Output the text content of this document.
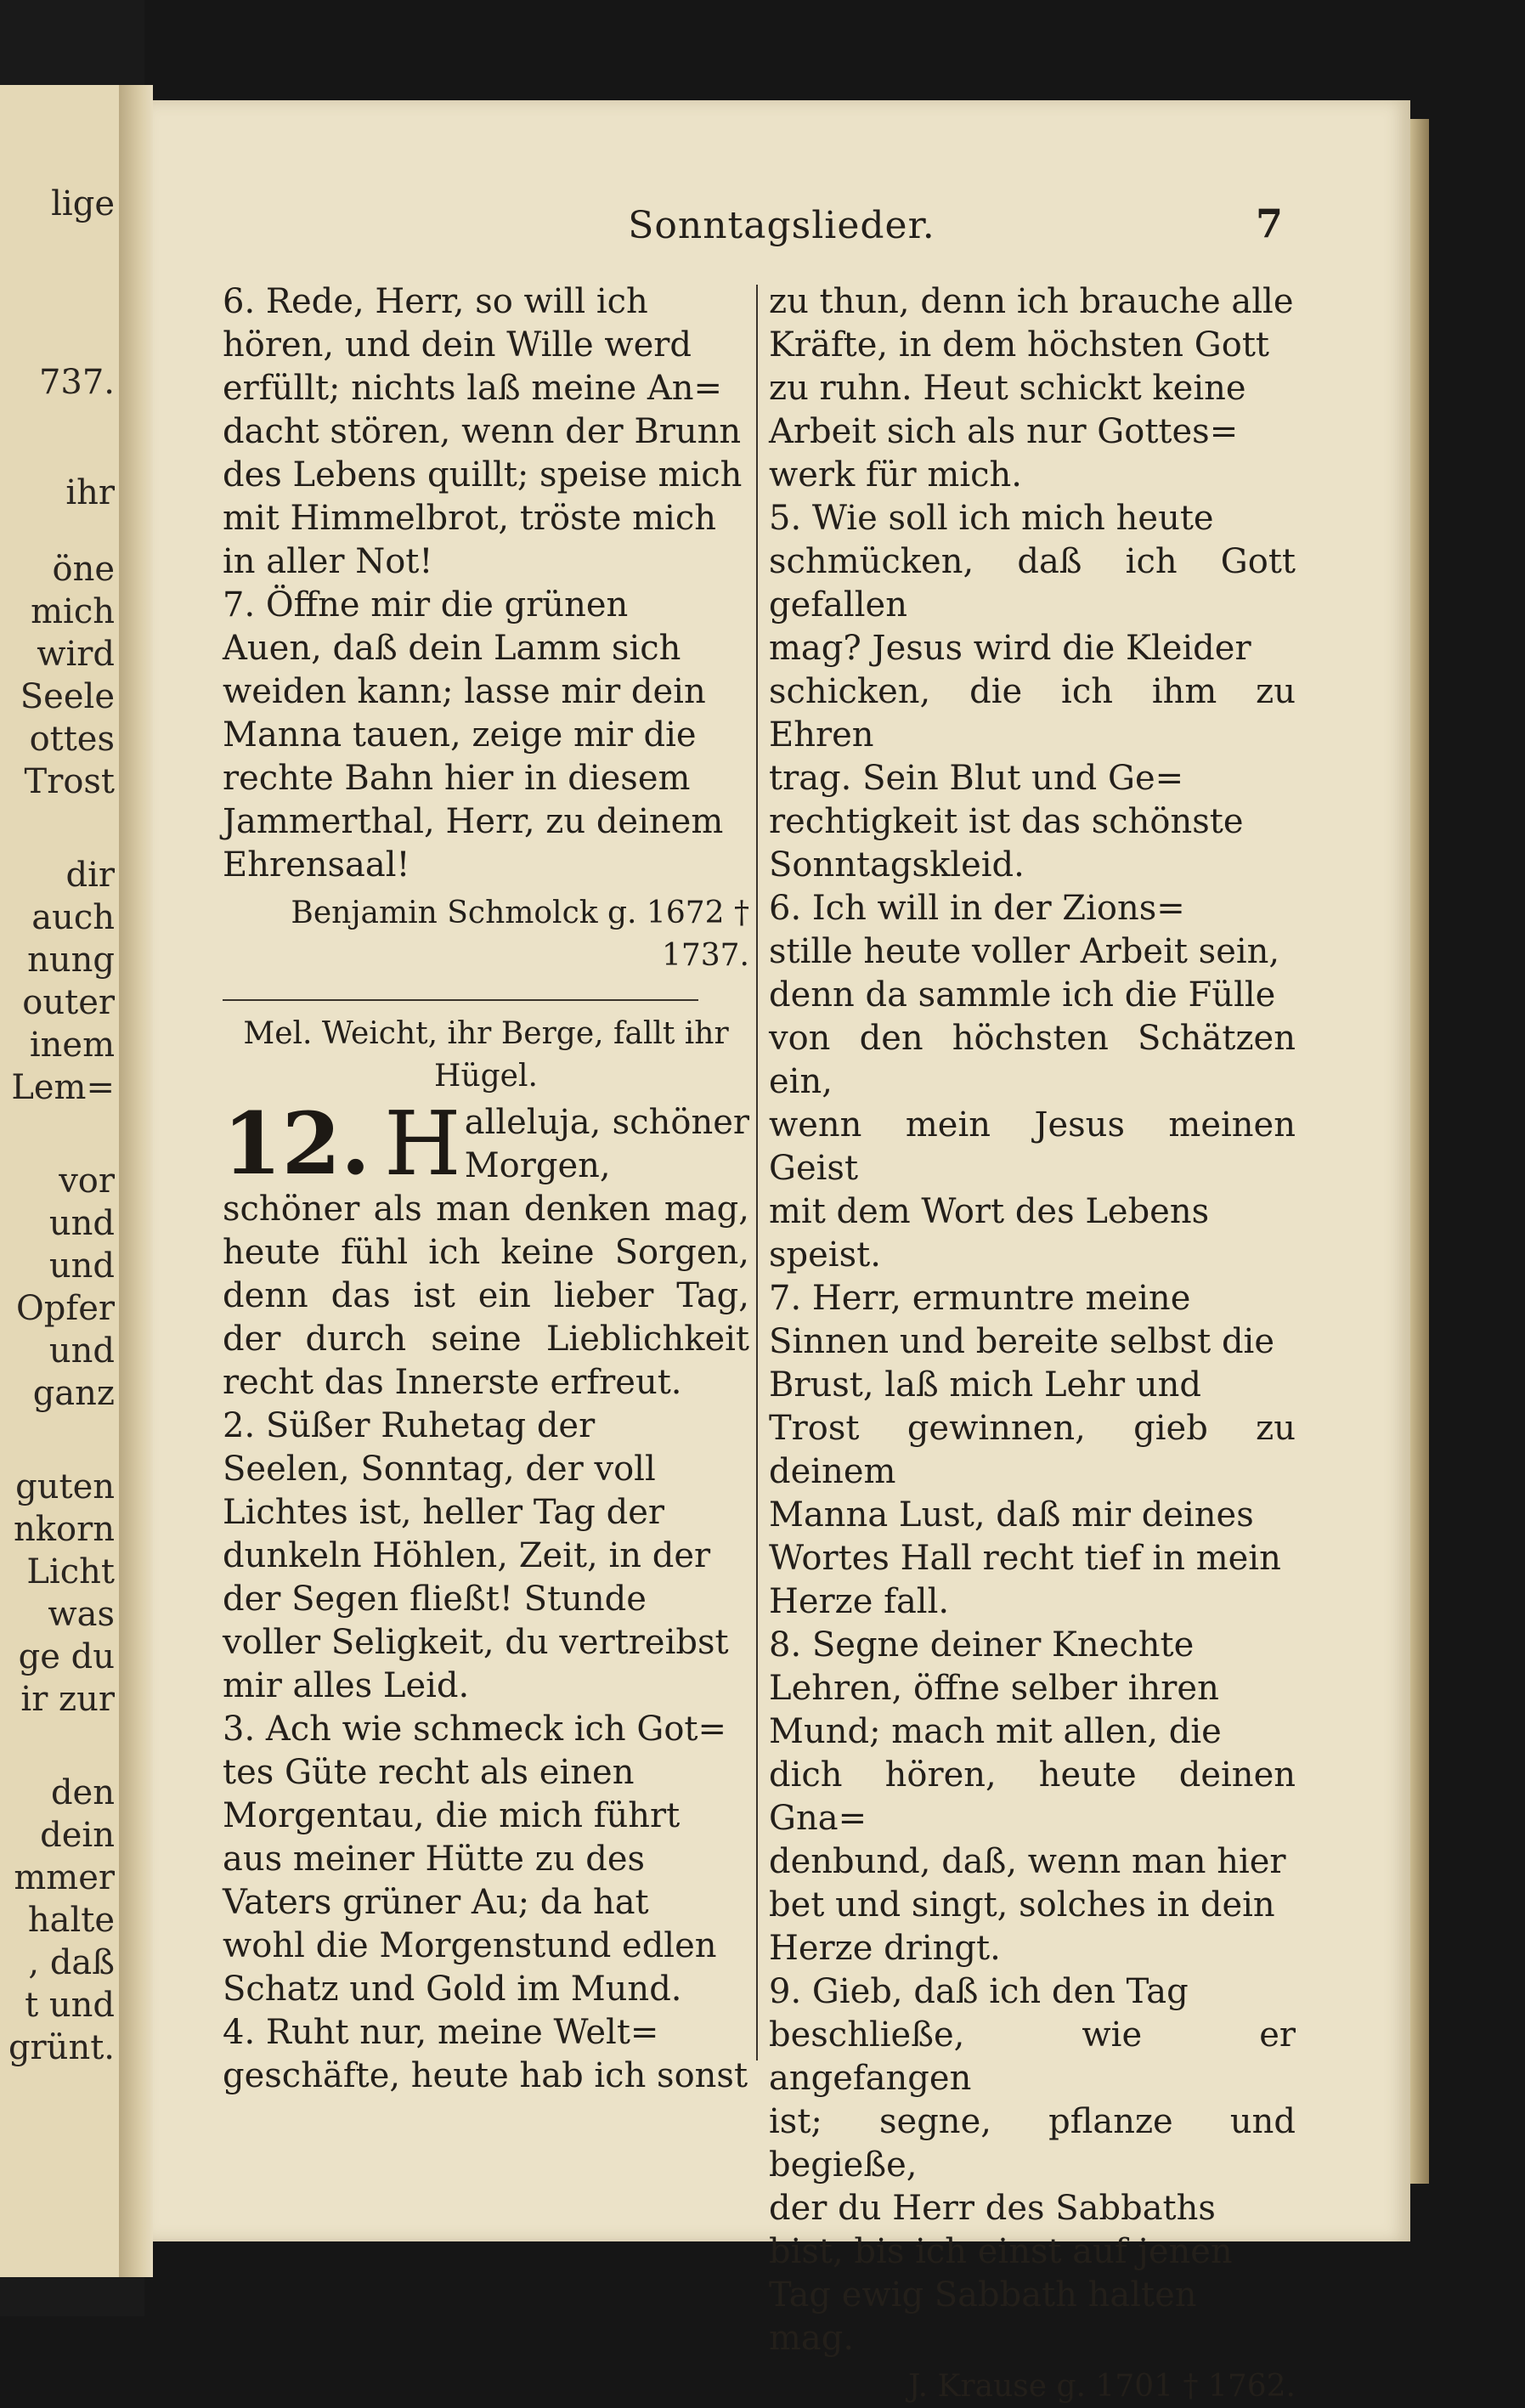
lige
737.
ihr
öne
mich
wird
Seele
ottes
Trost
dir
auch
nung
outer
inem
Lem=
vor
und
und
Opfer
und
ganz
guten
nkorn
Licht
was
ge du
ir zur
den
dein
mmer
halte
, daß
t und
grünt.
Sonntagslieder.	7
6. Rede, Herr, so will ich
hören, und dein Wille werd
erfüllt; nichts laß meine An=
dacht stören, wenn der Brunn
des Lebens quillt; speise mich
mit Himmelbrot, tröste mich
in aller Not!
7. Öffne mir die grünen
Auen, daß dein Lamm sich
weiden kann; lasse mir dein
Manna tauen, zeige mir die
rechte Bahn hier in diesem
Jammerthal, Herr, zu deinem
Ehrensaal!
Benjamin Schmolck g. 1672 † 1737.
Mel. Weicht, ihr Berge, fallt ihr Hügel.
12. H alleluja, schöner Morgen, schöner als man denken mag, heute fühl ich keine Sorgen, denn das ist ein lieber Tag, der durch seine Lieblichkeit recht das Innerste erfreut.
2. Süßer Ruhetag der
Seelen, Sonntag, der voll
Lichtes ist, heller Tag der
dunkeln Höhlen, Zeit, in der
der Segen fließt! Stunde
voller Seligkeit, du vertreibst
mir alles Leid.
3. Ach wie schmeck ich Got=
tes Güte recht als einen
Morgentau, die mich führt
aus meiner Hütte zu des
Vaters grüner Au; da hat
wohl die Morgenstund edlen
Schatz und Gold im Mund.
4. Ruht nur, meine Welt=
geschäfte, heute hab ich sonst
zu thun, denn ich brauche alle
Kräfte, in dem höchsten Gott
zu ruhn. Heut schickt keine
Arbeit sich als nur Gottes=
werk für mich.
5. Wie soll ich mich heute
schmücken, daß ich Gott gefallen
mag? Jesus wird die Kleider
schicken, die ich ihm zu Ehren
trag. Sein Blut und Ge=
rechtigkeit ist das schönste
Sonntagskleid.
6. Ich will in der Zions=
stille heute voller Arbeit sein,
denn da sammle ich die Fülle
von den höchsten Schätzen ein,
wenn mein Jesus meinen Geist
mit dem Wort des Lebens
speist.
7. Herr, ermuntre meine
Sinnen und bereite selbst die
Brust, laß mich Lehr und
Trost gewinnen, gieb zu deinem
Manna Lust, daß mir deines
Wortes Hall recht tief in mein
Herze fall.
8. Segne deiner Knechte
Lehren, öffne selber ihren
Mund; mach mit allen, die
dich hören, heute deinen Gna=
denbund, daß, wenn man hier
bet und singt, solches in dein
Herze dringt.
9. Gieb, daß ich den Tag
beschließe, wie er angefangen
ist; segne, pflanze und begieße,
der du Herr des Sabbaths
bist, bis ich einst auf jenen
Tag ewig Sabbath halten
mag.
J. Krause g. 1701 † 1762.
